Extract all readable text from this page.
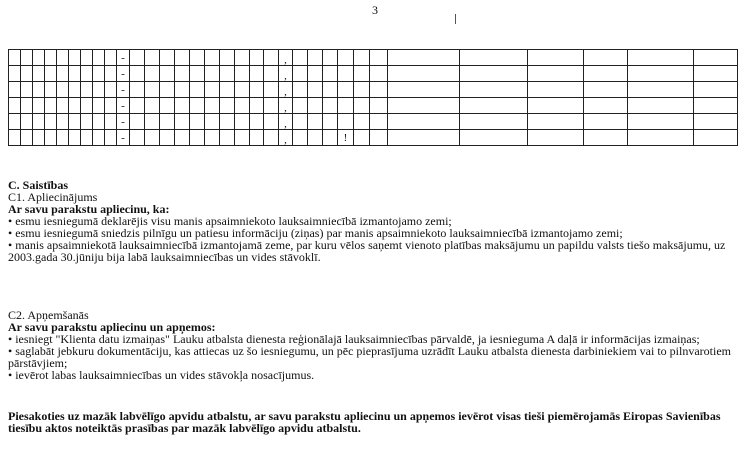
3
									-											,												
									-											,												
									-											,												
									-											,												
									-											,												
									-											,				!								

C. Saistības

C1. Apliecinājums

Ar savu parakstu apliecinu, ka:

• esmu iesniegumā deklarējis visu manis apsaimniekoto lauksaimniecībā izmantojamo zemi;

• esmu iesniegumā sniedzis pilnīgu un patiesu informāciju (ziņas) par manis apsaimniekoto lauksaimniecībā izmantojamo zemi;

• manis apsaimniekotā lauksaimniecībā izmantojamā zeme, par kuru vēlos saņemt vienoto platības maksājumu un papildu valsts tiešo maksājumu, uz 2003.gada 30.jūniju bija labā lauksaimniecības un vides stāvoklī.

C2. Apņemšanās

Ar savu parakstu apliecinu un apņemos:

• iesniegt "Klienta datu izmaiņas" Lauku atbalsta dienesta reģionālajā lauksaimniecības pārvaldē, ja iesnieguma A daļā ir informācijas izmaiņas;

• saglabāt jebkuru dokumentāciju, kas attiecas uz šo iesniegumu, un pēc pieprasījuma uzrādīt Lauku atbalsta dienesta darbiniekiem vai to pilnvarotiem pārstāvjiem;

• ievērot labas lauksaimniecības un vides stāvokļa nosacījumus.

Piesakoties uz mazāk labvēlīgo apvidu atbalstu, ar savu parakstu apliecinu un apņemos ievērot visas tieši piemērojamās Eiropas Savienības tiesību aktos noteiktās prasības par mazāk labvēlīgo apvidu atbalstu.
